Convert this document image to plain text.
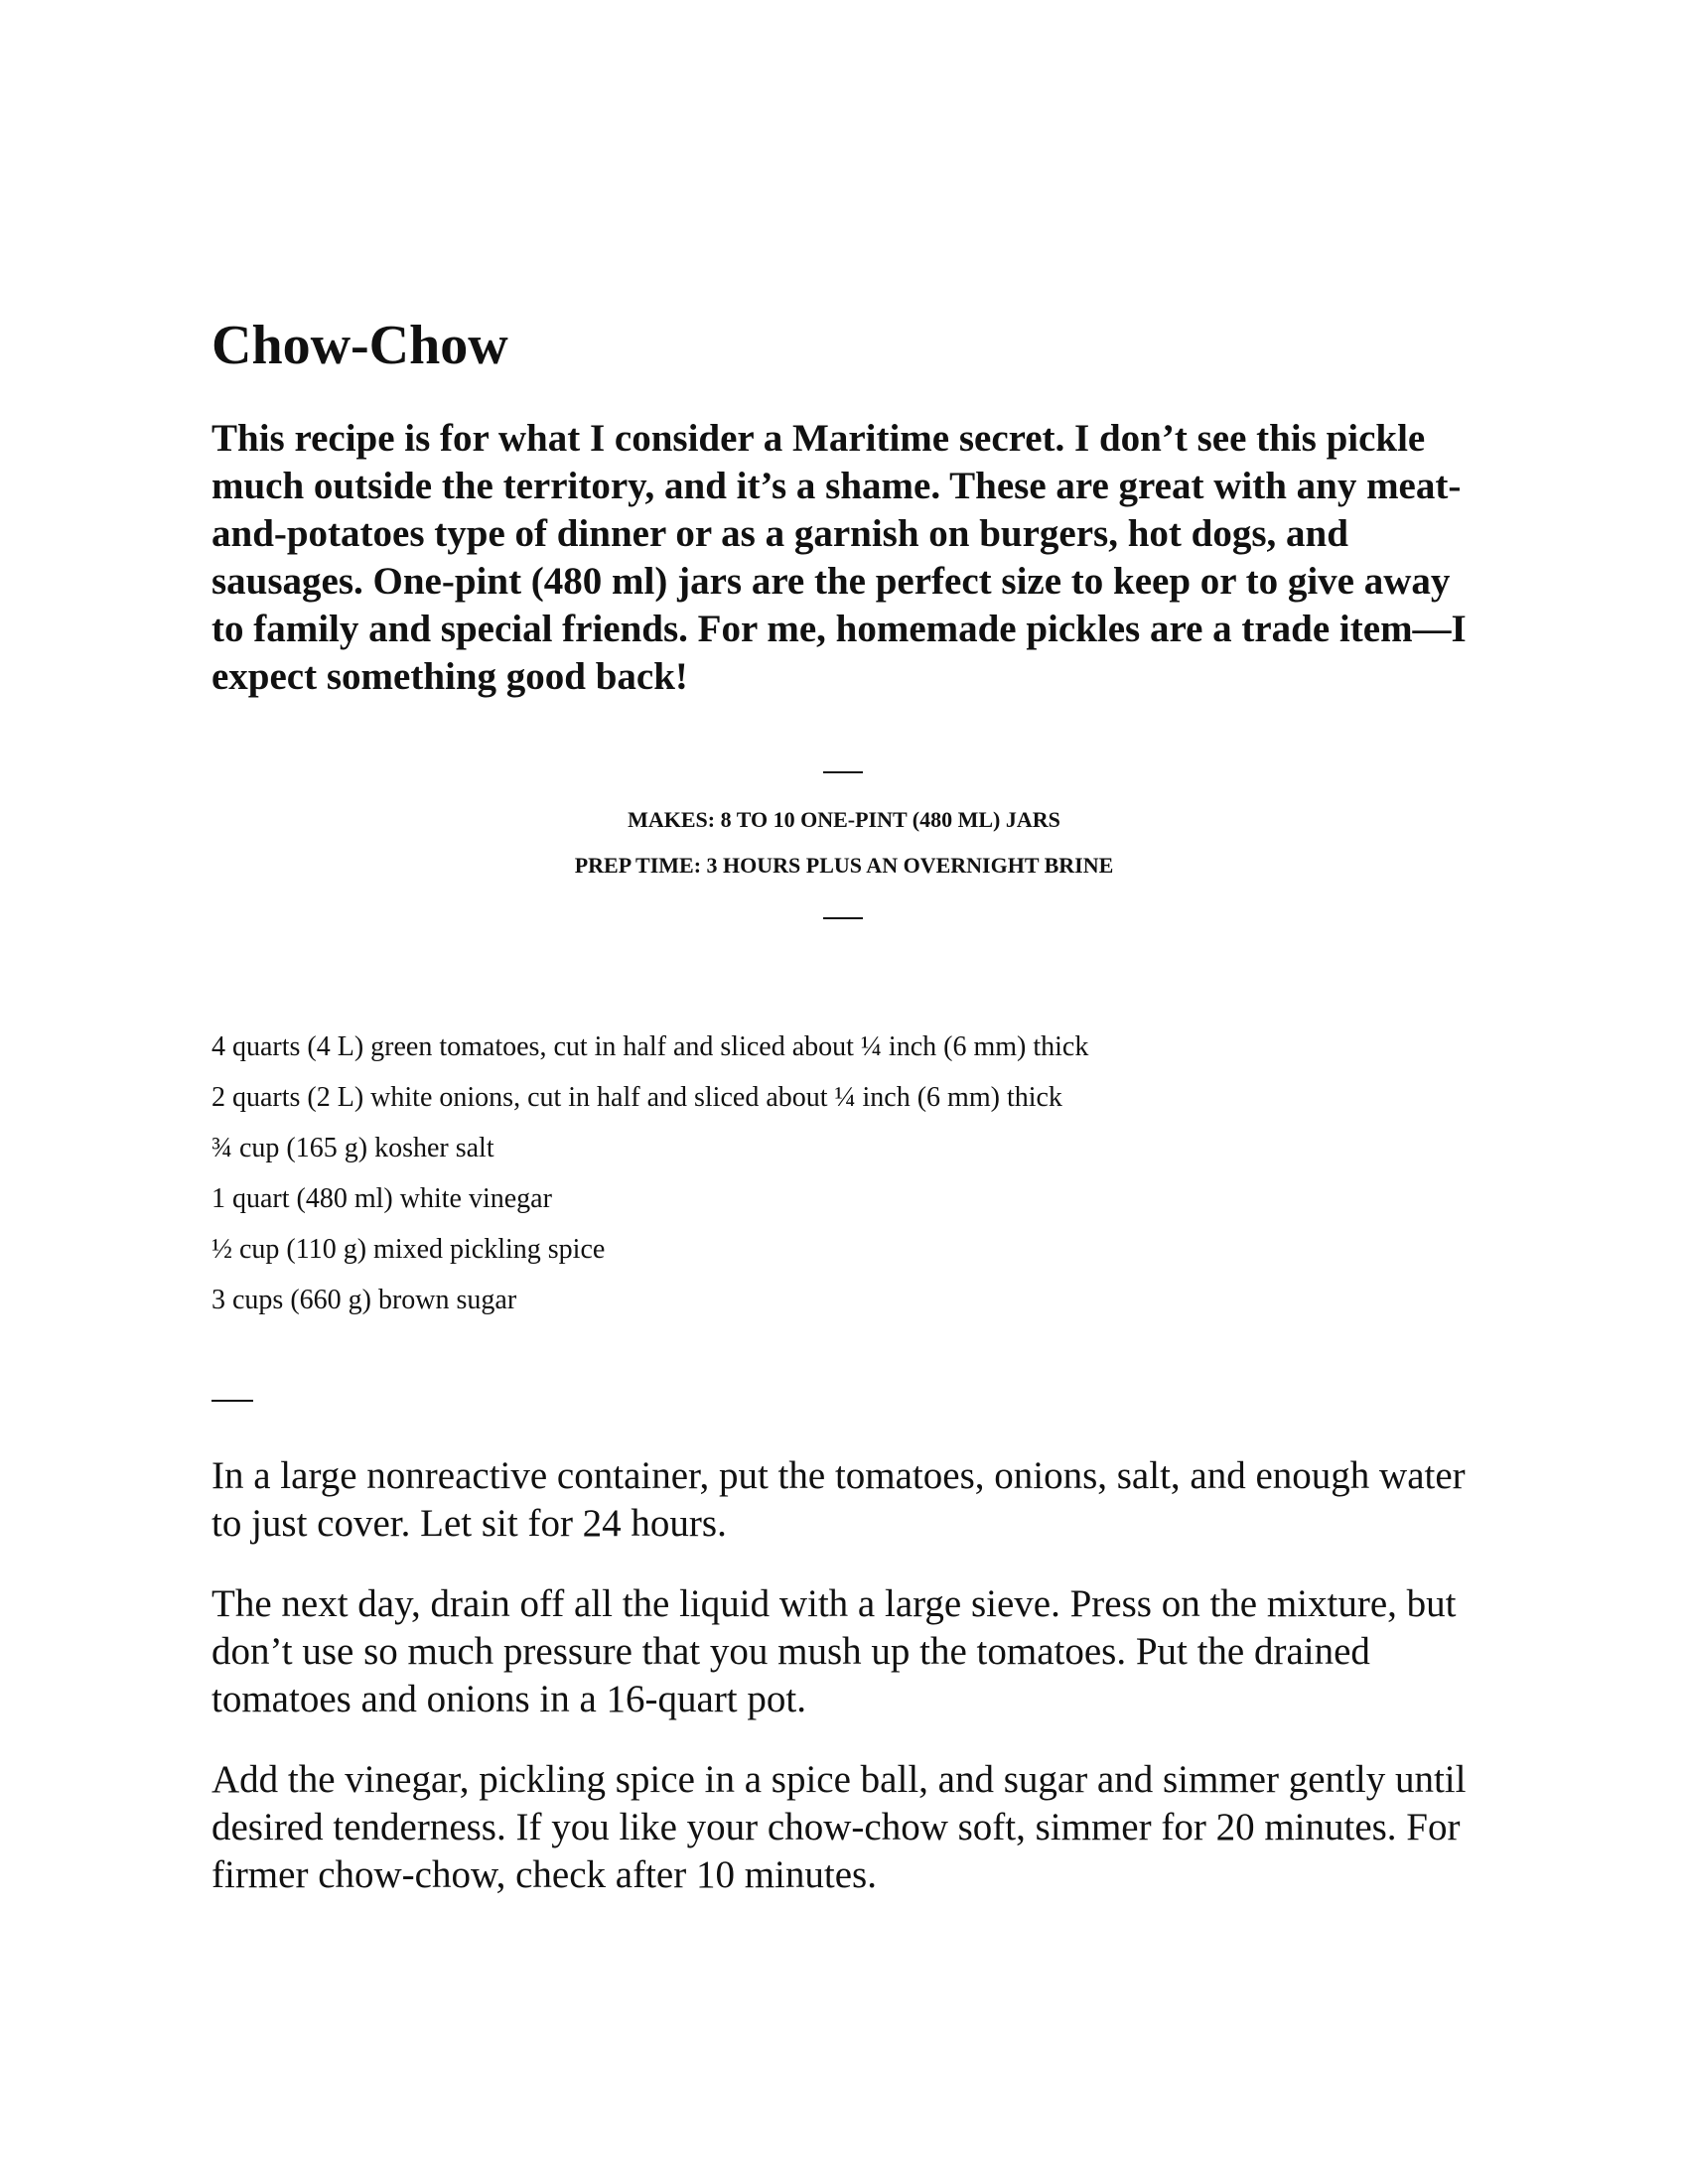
Chow-Chow

This recipe is for what I consider a Maritime secret. I don’t see this pickle much outside the territory, and it’s a shame. These are great with any meat-and-potatoes type of dinner or as a garnish on burgers, hot dogs, and sausages. One-pint (480 ml) jars are the perfect size to keep or to give away to family and special friends. For me, homemade pickles are a trade item—I expect something good back!

MAKES: 8 TO 10 ONE-PINT (480 ML) JARS

PREP TIME: 3 HOURS PLUS AN OVERNIGHT BRINE

4 quarts (4 L) green tomatoes, cut in half and sliced about ¼ inch (6 mm) thick
2 quarts (2 L) white onions, cut in half and sliced about ¼ inch (6 mm) thick
¾ cup (165 g) kosher salt
1 quart (480 ml) white vinegar
½ cup (110 g) mixed pickling spice
3 cups (660 g) brown sugar

In a large nonreactive container, put the tomatoes, onions, salt, and enough water to just cover. Let sit for 24 hours.

The next day, drain off all the liquid with a large sieve. Press on the mixture, but don’t use so much pressure that you mush up the tomatoes. Put the drained tomatoes and onions in a 16-quart pot.

Add the vinegar, pickling spice in a spice ball, and sugar and simmer gently until desired tenderness. If you like your chow-chow soft, simmer for 20 minutes. For firmer chow-chow, check after 10 minutes.
